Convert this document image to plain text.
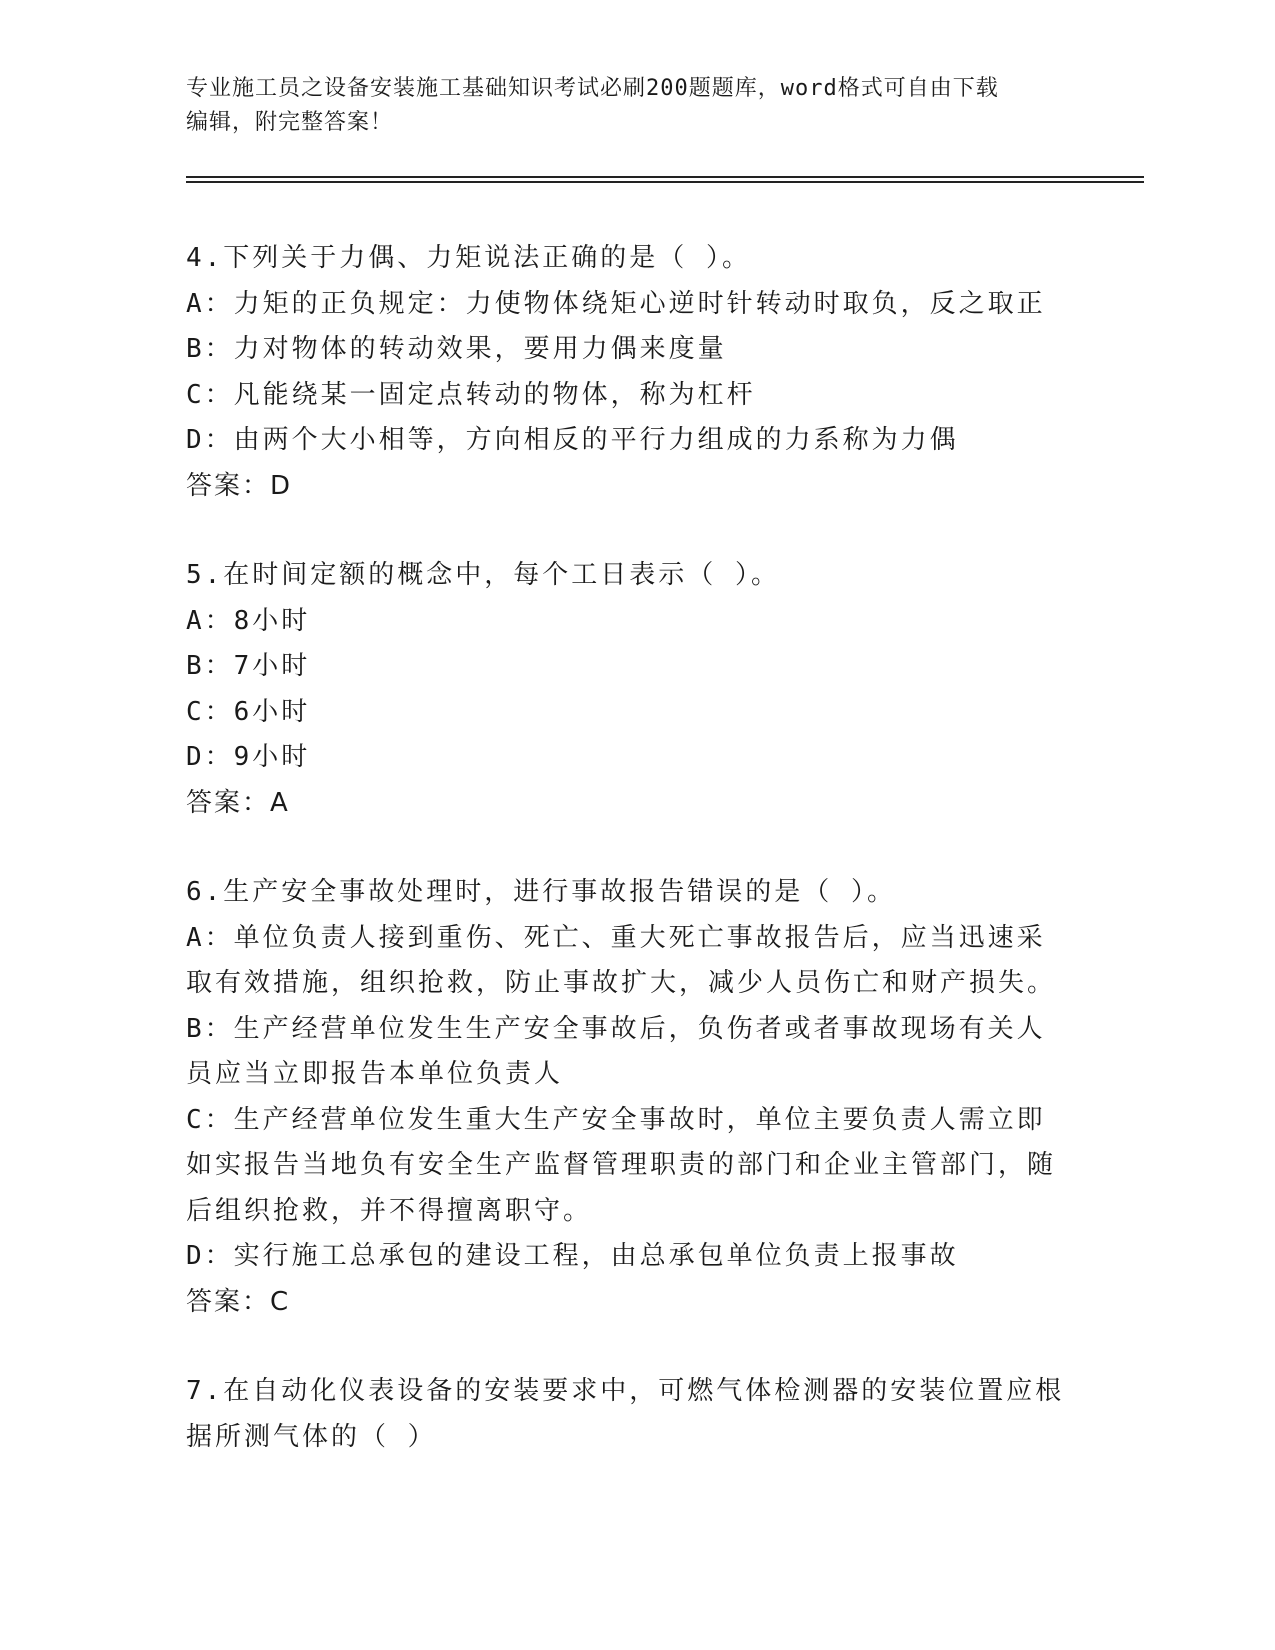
专业施工员之设备安装施工基础知识考试必刷200题题库，word格式可自由下载
编辑，附完整答案！
4.下列关于力偶、力矩说法正确的是（ ）。
A：力矩的正负规定：力使物体绕矩心逆时针转动时取负，反之取正
B：力对物体的转动效果，要用力偶来度量
C：凡能绕某一固定点转动的物体，称为杠杆
D：由两个大小相等，方向相反的平行力组成的力系称为力偶
答案：D
5.在时间定额的概念中，每个工日表示（ ）。
A：8小时
B：7小时
C：6小时
D：9小时
答案：A
6.生产安全事故处理时，进行事故报告错误的是（ ）。
A：单位负责人接到重伤、死亡、重大死亡事故报告后，应当迅速采取有效措施，组织抢救，防止事故扩大，减少人员伤亡和财产损失。
B：生产经营单位发生生产安全事故后，负伤者或者事故现场有关人员应当立即报告本单位负责人
C：生产经营单位发生重大生产安全事故时，单位主要负责人需立即如实报告当地负有安全生产监督管理职责的部门和企业主管部门，随后组织抢救，并不得擅离职守。
D：实行施工总承包的建设工程，由总承包单位负责上报事故
答案：C
7.在自动化仪表设备的安装要求中，可燃气体检测器的安装位置应根据所测气体的（ ）
